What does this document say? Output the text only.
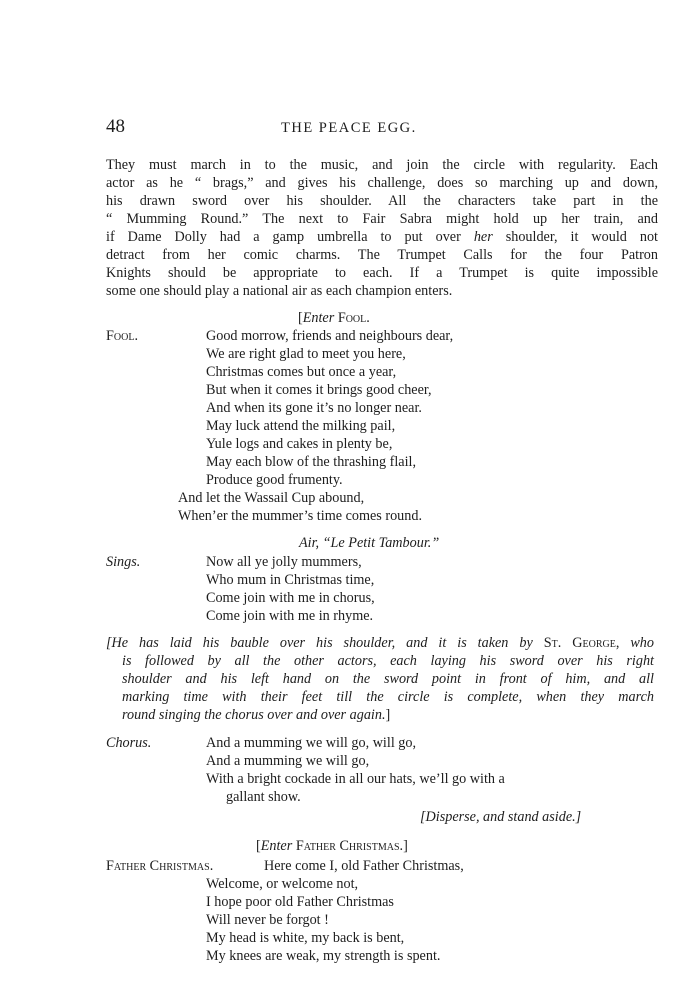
48	THE PEACE EGG.
They must march in to the music, and join the circle with regularity. Each
actor as he “ brags,” and gives his challenge, does so marching up and down,
his drawn sword over his shoulder. All the characters take part in the
“ Mumming Round.” The next to Fair Sabra might hold up her train, and
if Dame Dolly had a gamp umbrella to put over her shoulder, it would not
detract from her comic charms. The Trumpet Calls for the four Patron
Knights should be appropriate to each. If a Trumpet is quite impossible
some one should play a national air as each champion enters.
[Enter Fool.
Fool.	Good morrow, friends and neighbours dear,
We are right glad to meet you here,
Christmas comes but once a year,
But when it comes it brings good cheer,
And when its gone it’s no longer near.
May luck attend the milking pail,
Yule logs and cakes in plenty be,
May each blow of the thrashing flail,
Produce good frumenty.
And let the Wassail Cup abound,
When’er the mummer’s time comes round.
Air, “Le Petit Tambour.”
Sings.	Now all ye jolly mummers,
Who mum in Christmas time,
Come join with me in chorus,
Come join with me in rhyme.
[He has laid his bauble over his shoulder, and it is taken by St. George, who
is followed by all the other actors, each laying his sword over his right
shoulder and his left hand on the sword point in front of him, and all
marking time with their feet till the circle is complete, when they march
round singing the chorus over and over again.]
Chorus.	And a mumming we will go, will go,
And a mumming we will go,
With a bright cockade in all our hats, we’ll go with a
gallant show.
[Disperse, and stand aside.]
[Enter Father Christmas.]
Father Christmas.	Here come I, old Father Christmas,
Welcome, or welcome not,
I hope poor old Father Christmas
Will never be forgot !
My head is white, my back is bent,
My knees are weak, my strength is spent.
